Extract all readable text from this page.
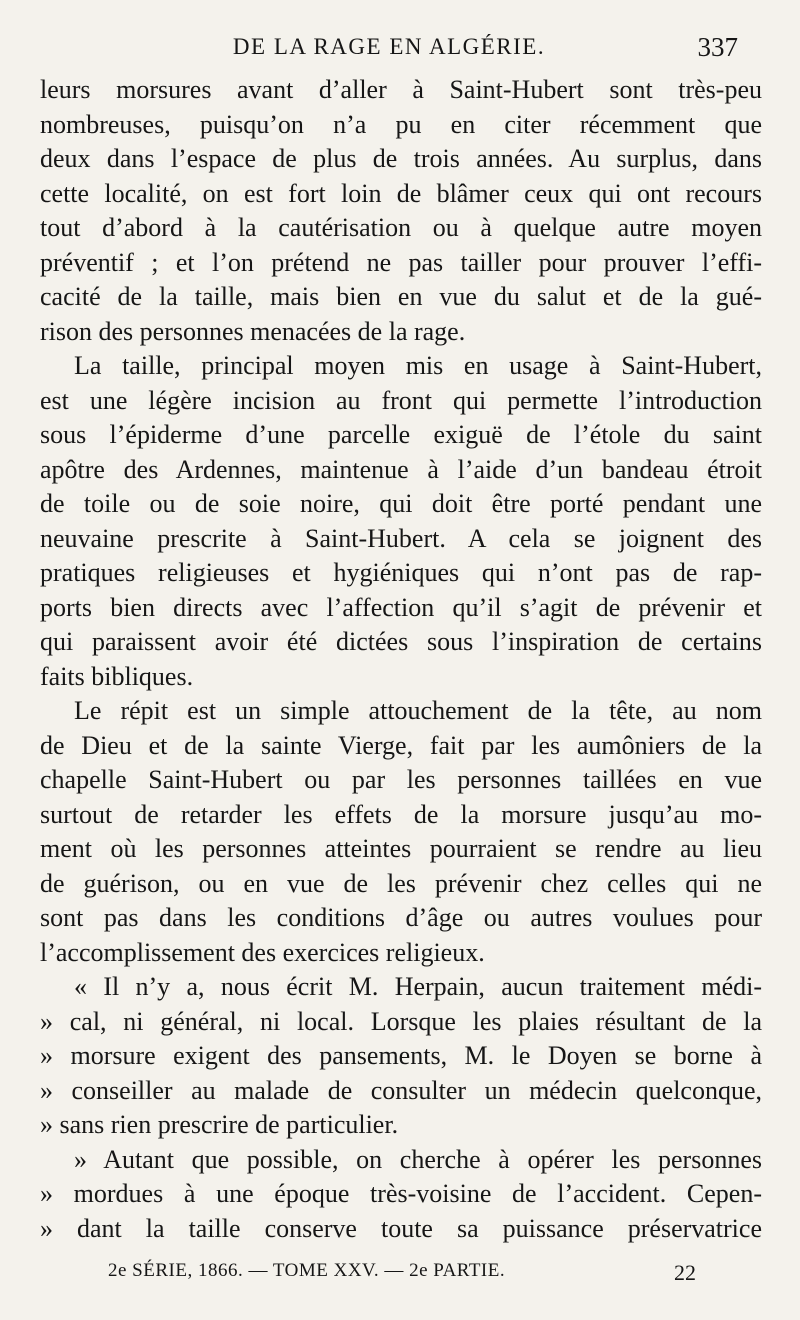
DE LA RAGE EN ALGÉRIE.	337
leurs morsures avant d’aller à Saint-Hubert sont très-peu
nombreuses, puisqu’on n’a pu en citer récemment que
deux dans l’espace de plus de trois années. Au surplus, dans
cette localité, on est fort loin de blâmer ceux qui ont recours
tout d’abord à la cautérisation ou à quelque autre moyen
préventif ; et l’on prétend ne pas tailler pour prouver l’effi-
cacité de la taille, mais bien en vue du salut et de la gué-
rison des personnes menacées de la rage.
La taille, principal moyen mis en usage à Saint-Hubert,
est une légère incision au front qui permette l’introduction
sous l’épiderme d’une parcelle exiguë de l’étole du saint
apôtre des Ardennes, maintenue à l’aide d’un bandeau étroit
de toile ou de soie noire, qui doit être porté pendant une
neuvaine prescrite à Saint-Hubert. A cela se joignent des
pratiques religieuses et hygiéniques qui n’ont pas de rap-
ports bien directs avec l’affection qu’il s’agit de prévenir et
qui paraissent avoir été dictées sous l’inspiration de certains
faits bibliques.
Le répit est un simple attouchement de la tête, au nom
de Dieu et de la sainte Vierge, fait par les aumôniers de la
chapelle Saint-Hubert ou par les personnes taillées en vue
surtout de retarder les effets de la morsure jusqu’au mo-
ment où les personnes atteintes pourraient se rendre au lieu
de guérison, ou en vue de les prévenir chez celles qui ne
sont pas dans les conditions d’âge ou autres voulues pour
l’accomplissement des exercices religieux.
« Il n’y a, nous écrit M. Herpain, aucun traitement médi-
» cal, ni général, ni local. Lorsque les plaies résultant de la
» morsure exigent des pansements, M. le Doyen se borne à
» conseiller au malade de consulter un médecin quelconque,
» sans rien prescrire de particulier.
» Autant que possible, on cherche à opérer les personnes
» mordues à une époque très-voisine de l’accident. Cepen-
» dant la taille conserve toute sa puissance préservatrice
2e SÉRIE, 1866. — TOME XXV. — 2e PARTIE.	22
